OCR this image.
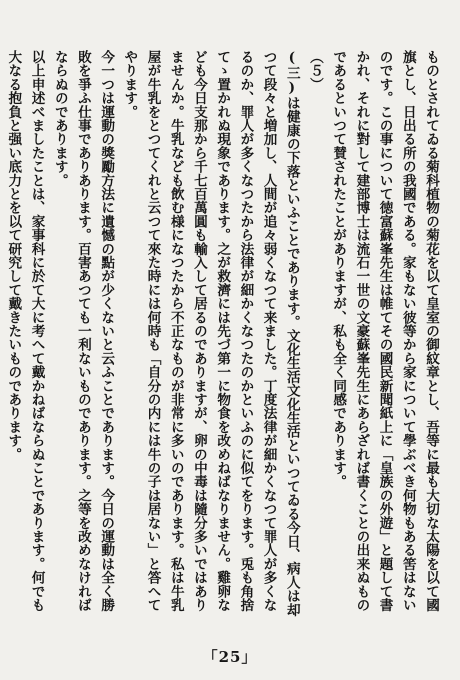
ものとされてゐる菊科植物の菊花を以て皇室の御紋章とし、吾等に最も大切な太陽を以て國旗とし、日出る所の我國である。家もない彼等から家について學ぶべき何物もある筈はないのです。この事について徳富蘇峯先生は帷てその國民新聞紙上に「皇族の外遊」と題して書かれ、それに對して建部博士は流石一世の文豪蘇峯先生にあらざれば書くことの出来ぬものであるといつて賛されたことがありますが、私も全く同感であります。

（５）

(三)は健康の下落といふことであります。文化生活文化生活といつてゐる今日、病人は却つて段々と増加し、人間が追々弱くなつて来ました。丁度法律が細かくなつて罪人が多くなるのか、罪人が多くなつたから法律が細かくなつたのかといふのに似てをります。兎も角捨てゝ置かれぬ現象であります。之が救濟には先づ第一に物食を改めねばなりません。雞卵なども今日支那から千七百萬圓も輸入して居るのでありますが、卵の中毒は隨分多いではありませんか。牛乳なども飲む様になつたから不正なものが非常に多いのであります。私は牛乳屋が牛乳をとつてくれと云つて來た時には何時も「自分の内には牛の子は居ない」と答へてやります。

今一つは運動の獎勵方法に遺憾の點が少くないと云ふことであります。今日の運動は全く勝敗を爭ふ仕事でありあります。百害あつても一利ないものであります。之等を改めなければならぬのであります。

以上申述べましたことは、家事科に於て大に考へて戴かねばならぬことであります。何でも大なる抱負と强い底力とを以て研究して戴きたいものであります。

「25」
